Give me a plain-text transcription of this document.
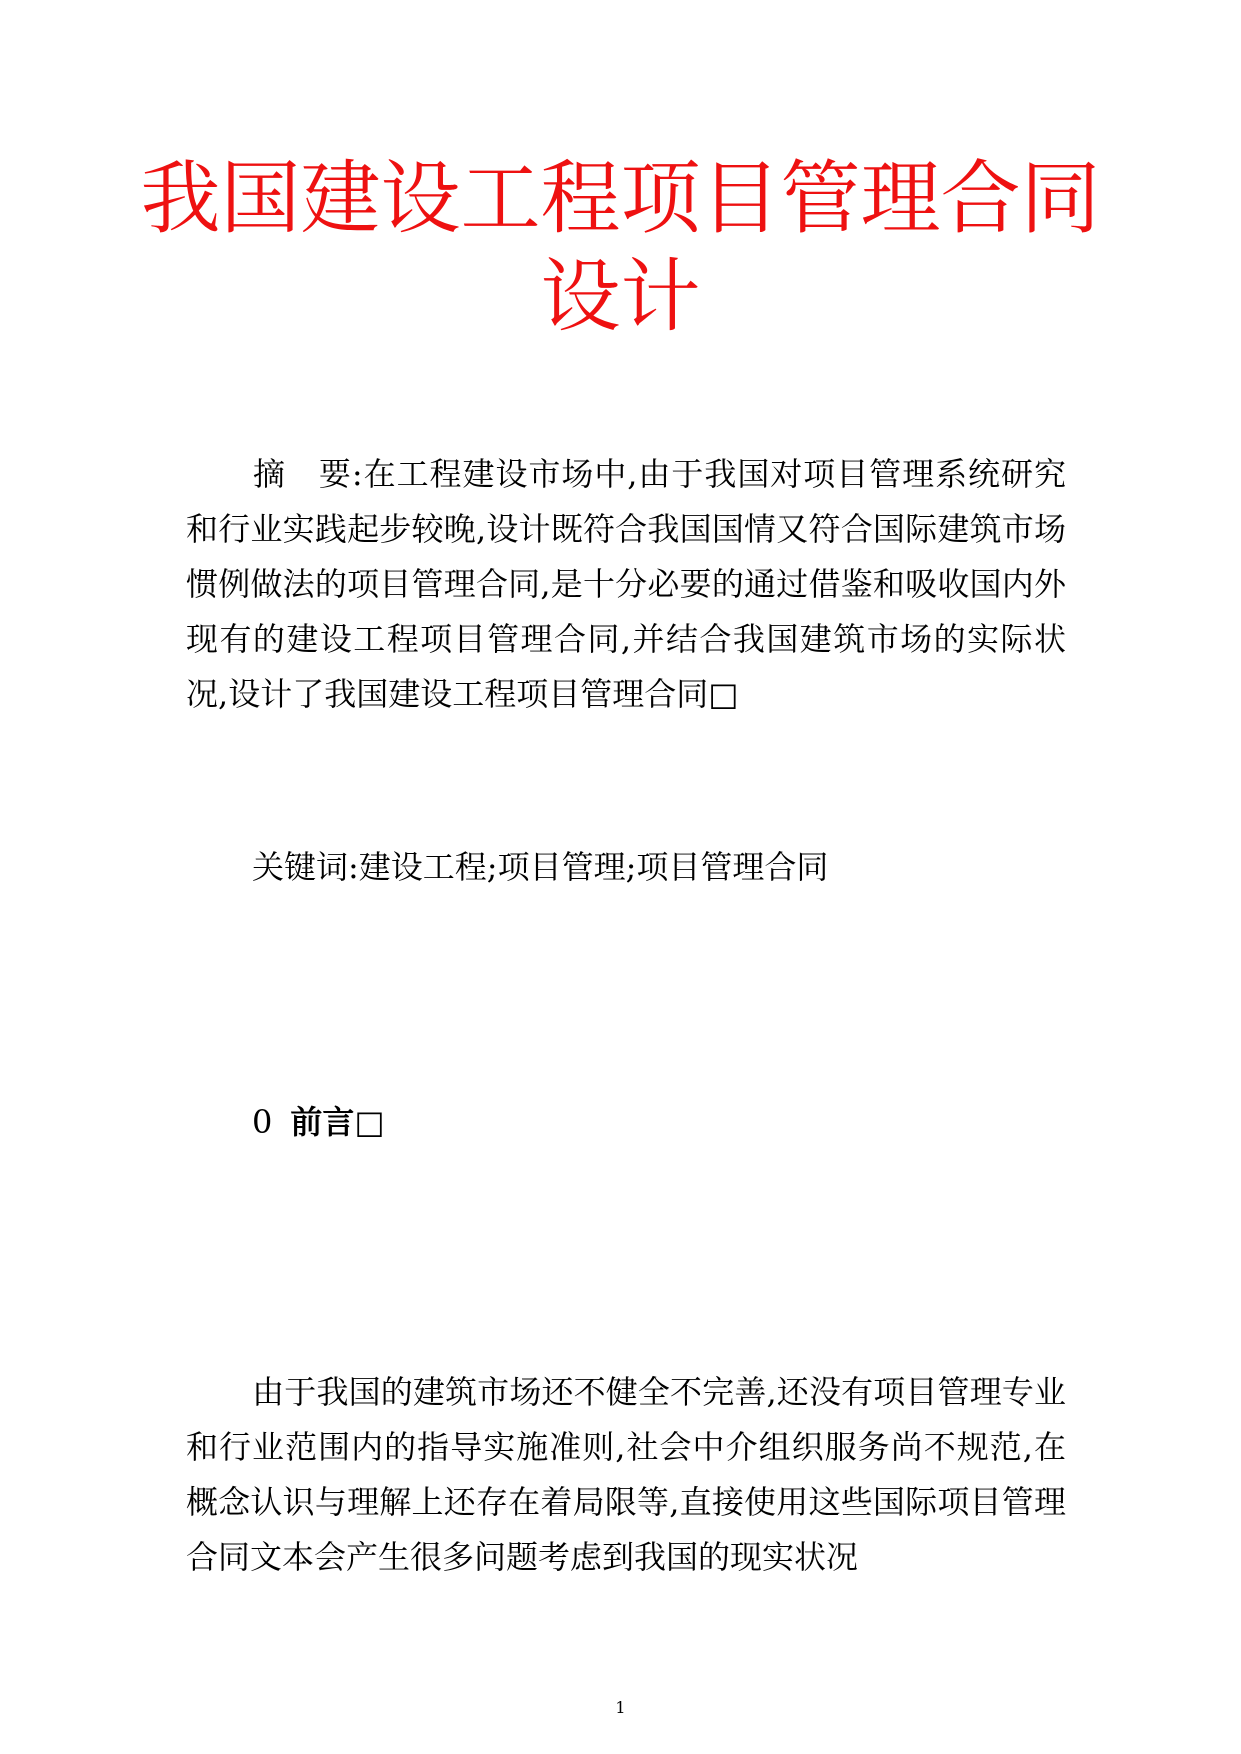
我国建设工程项目管理合同设计
摘　要:在工程建设市场中,由于我国对项目管理系统研究和行业实践起步较晚,设计既符合我国国情又符合国际建筑市场惯例做法的项目管理合同,是十分必要的通过借鉴和吸收国内外现有的建设工程项目管理合同,并结合我国建筑市场的实际状况,设计了我国建设工程项目管理合同□
关键词:建设工程;项目管理;项目管理合同
0 前言□
由于我国的建筑市场还不健全不完善,还没有项目管理专业和行业范围内的指导实施准则,社会中介组织服务尚不规范,在概念认识与理解上还存在着局限等,直接使用这些国际项目管理合同文本会产生很多问题考虑到我国的现实状况
1
